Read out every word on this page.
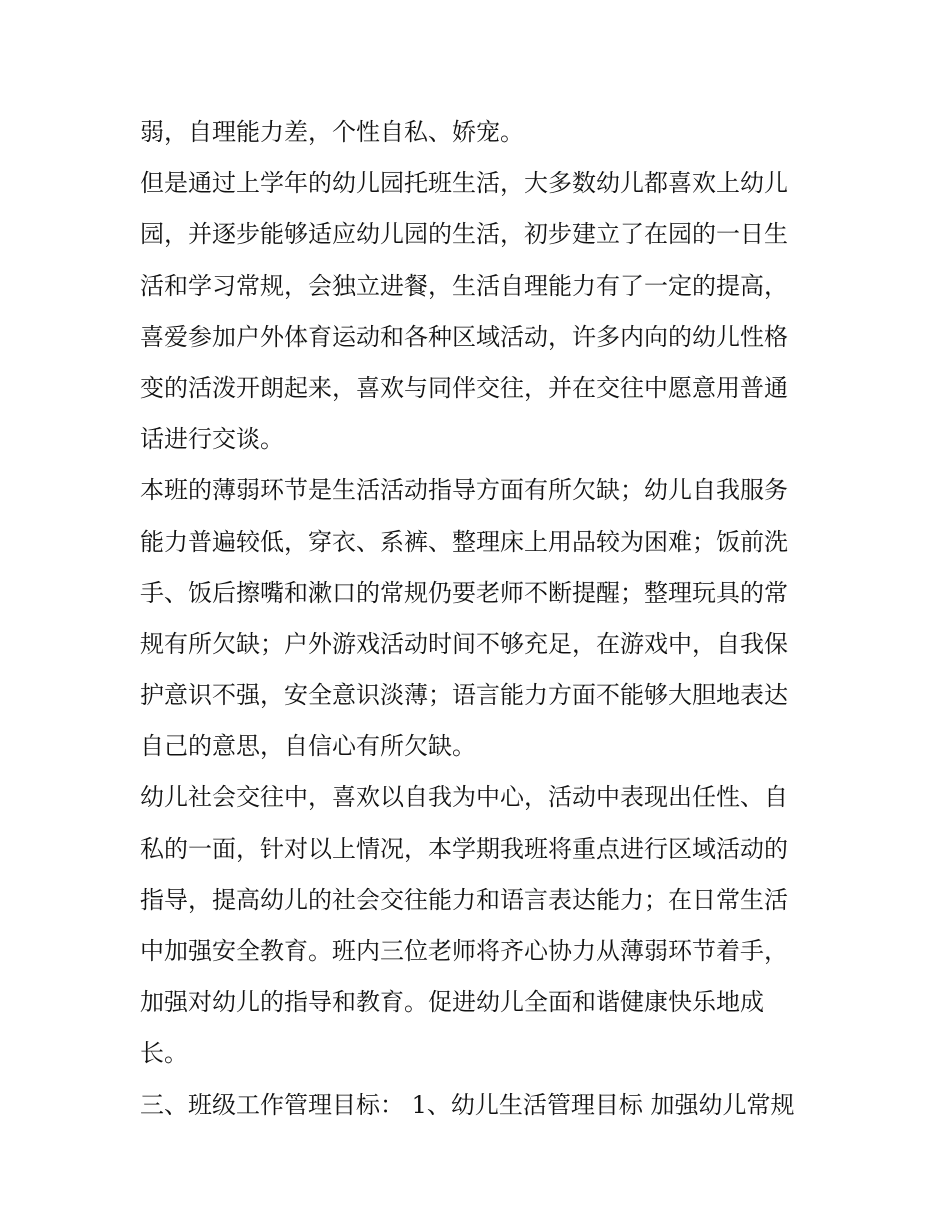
弱，自理能力差，个性自私、娇宠。
但是通过上学年的幼儿园托班生活，大多数幼儿都喜欢上幼儿
园，并逐步能够适应幼儿园的生活，初步建立了在园的一日生
活和学习常规，会独立进餐，生活自理能力有了一定的提高，
喜爱参加户外体育运动和各种区域活动，许多内向的幼儿性格
变的活泼开朗起来，喜欢与同伴交往，并在交往中愿意用普通
话进行交谈。
本班的薄弱环节是生活活动指导方面有所欠缺；幼儿自我服务
能力普遍较低，穿衣、系裤、整理床上用品较为困难；饭前洗
手、饭后擦嘴和漱口的常规仍要老师不断提醒；整理玩具的常
规有所欠缺；户外游戏活动时间不够充足，在游戏中，自我保
护意识不强，安全意识淡薄；语言能力方面不能够大胆地表达
自己的意思，自信心有所欠缺。
幼儿社会交往中，喜欢以自我为中心，活动中表现出任性、自
私的一面，针对以上情况，本学期我班将重点进行区域活动的
指导，提高幼儿的社会交往能力和语言表达能力；在日常生活
中加强安全教育。班内三位老师将齐心协力从薄弱环节着手，
加强对幼儿的指导和教育。促进幼儿全面和谐健康快乐地成
长。
三、班级工作管理目标： 1、幼儿生活管理目标 加强幼儿常规
